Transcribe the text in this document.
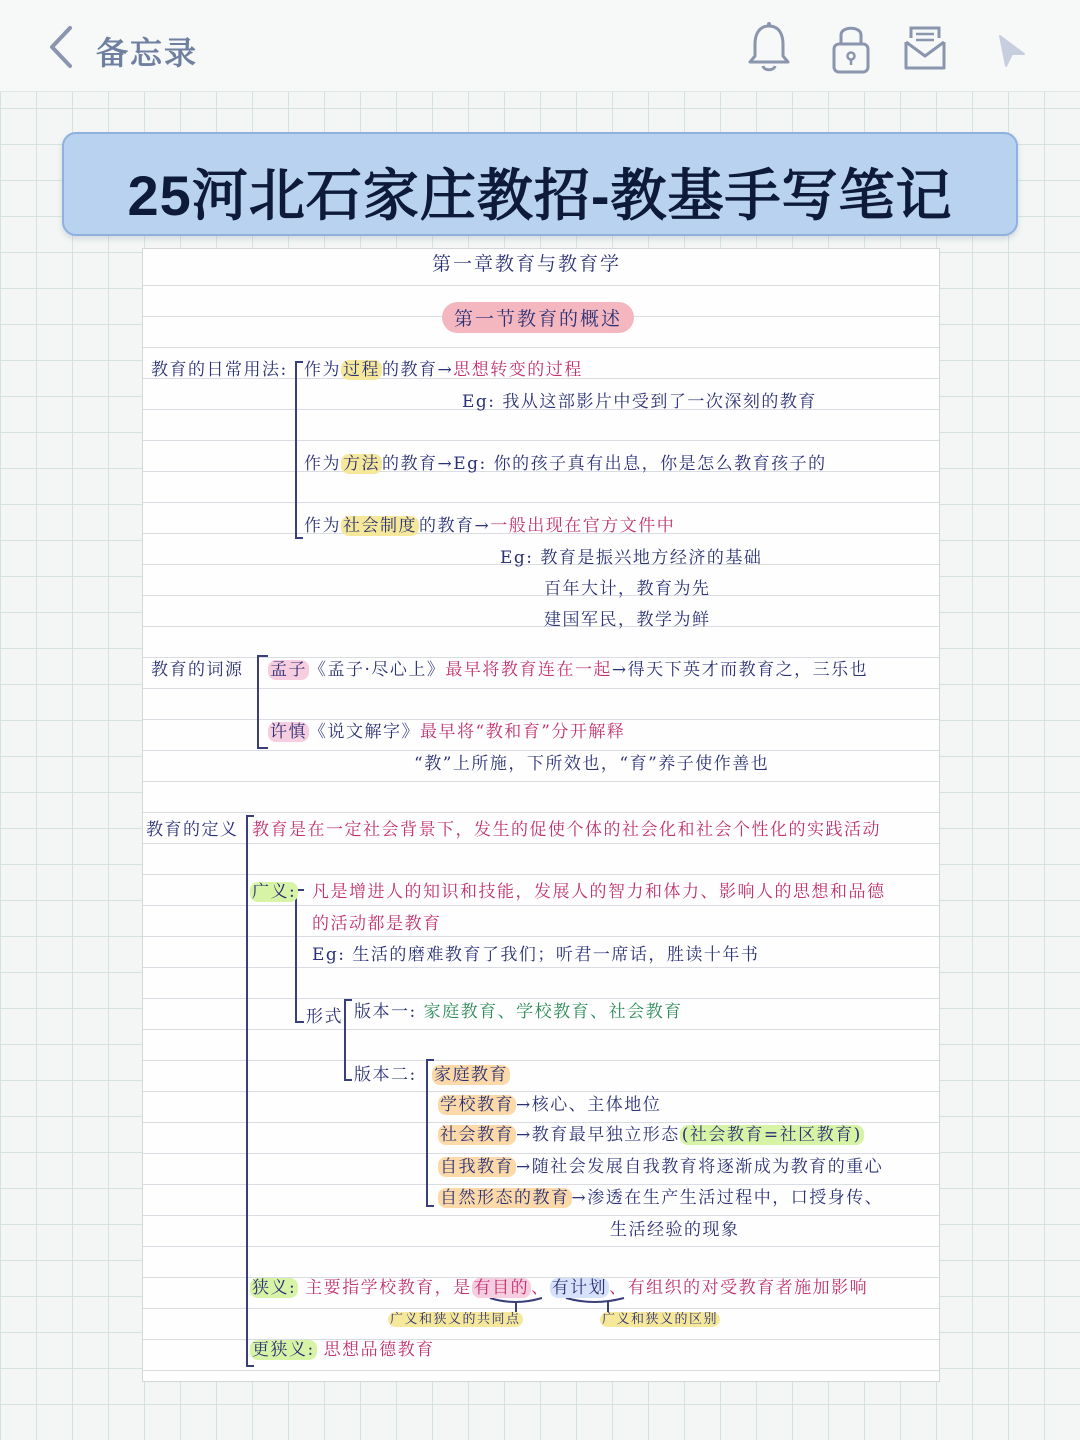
备忘录
25河北石家庄教招-教基手写笔记
第一章教育与教育学
第一节教育的概述
教育的日常用法: 作为 过程 的教育→思想转变的过程
Eg: 我从这部影片中受到了一次深刻的教育
作为 方法 的教育→Eg: 你的孩子真有出息，你是怎么教育孩子的
作为 社会制度 的教育→一般出现在官方文件中
Eg: 教育是振兴地方经济的基础
百年大计，教育为先
建国军民，教学为鲜
教育的词源 孟子 《孟子·尽心上》最早将教育连在一起→得天下英才而教育之，三乐也
许慎 《说文解字》最早将“教和育”分开解释
“教”上所施，下所效也，“育”养子使作善也
教育的定义 教育是在一定社会背景下，发生的促使个体的社会化和社会个性化的实践活动
广义: 凡是增进人的知识和技能，发展人的智力和体力、影响人的思想和品德
的活动都是教育
Eg: 生活的磨难教育了我们；听君一席话，胜读十年书
形式 版本一: 家庭教育、学校教育、社会教育
版本二: 家庭教育
学校教育 →核心、主体地位
社会教育 →教育最早独立形态 (社会教育=社区教育)
自我教育 →随社会发展自我教育将逐渐成为教育的重心
自然形态的教育 →渗透在生产生活过程中，口授身传、
生活经验的现象
狭义: 主要指学校教育，是 有目的 、 有计划 、有组织的对受教育者施加影响
广义和狭义的共同点	广义和狭义的区别
更狭义: 思想品德教育
